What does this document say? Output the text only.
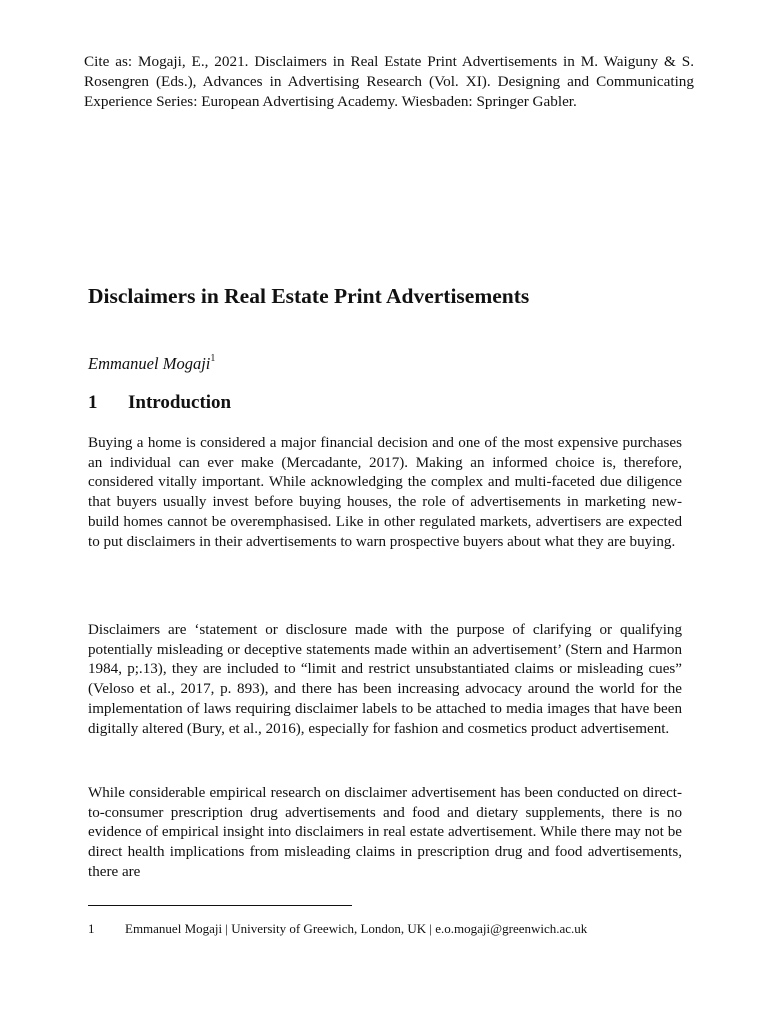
Cite as: Mogaji, E., 2021. Disclaimers in Real Estate Print Advertisements in M. Waiguny & S. Rosengren (Eds.), Advances in Advertising Research (Vol. XI). Designing and Communicating Experience Series: European Advertising Academy. Wiesbaden: Springer Gabler.

Disclaimers in Real Estate Print Advertisements

Emmanuel Mogaji$^1$

1 Introduction

Buying a home is considered a major financial decision and one of the most expensive purchases an individual can ever make (Mercadante, 2017). Making an informed choice is, therefore, considered vitally important. While acknowledging the complex and multi-faceted due diligence that buyers usually invest before buying houses, the role of advertisements in marketing new-build homes cannot be overemphasised. Like in other regulated markets, advertisers are expected to put disclaimers in their advertisements to warn prospective buyers about what they are buying.

Disclaimers are ‘statement or disclosure made with the purpose of clarifying or qualifying potentially misleading or deceptive statements made within an advertisement’ (Stern and Harmon 1984, p;.13), they are included to “limit and restrict unsubstantiated claims or misleading cues” (Veloso et al., 2017, p. 893), and there has been increasing advocacy around the world for the implementation of laws requiring disclaimer labels to be attached to media images that have been digitally altered (Bury, et al., 2016), especially for fashion and cosmetics product advertisement.

While considerable empirical research on disclaimer advertisement has been conducted on direct-to-consumer prescription drug advertisements and food and dietary supplements, there is no evidence of empirical insight into disclaimers in real estate advertisement. While there may not be direct health implications from misleading claims in prescription drug and food advertisements, there are

1 Emmanuel Mogaji | University of Greewich, London, UK | e.o.mogaji@greenwich.ac.uk
